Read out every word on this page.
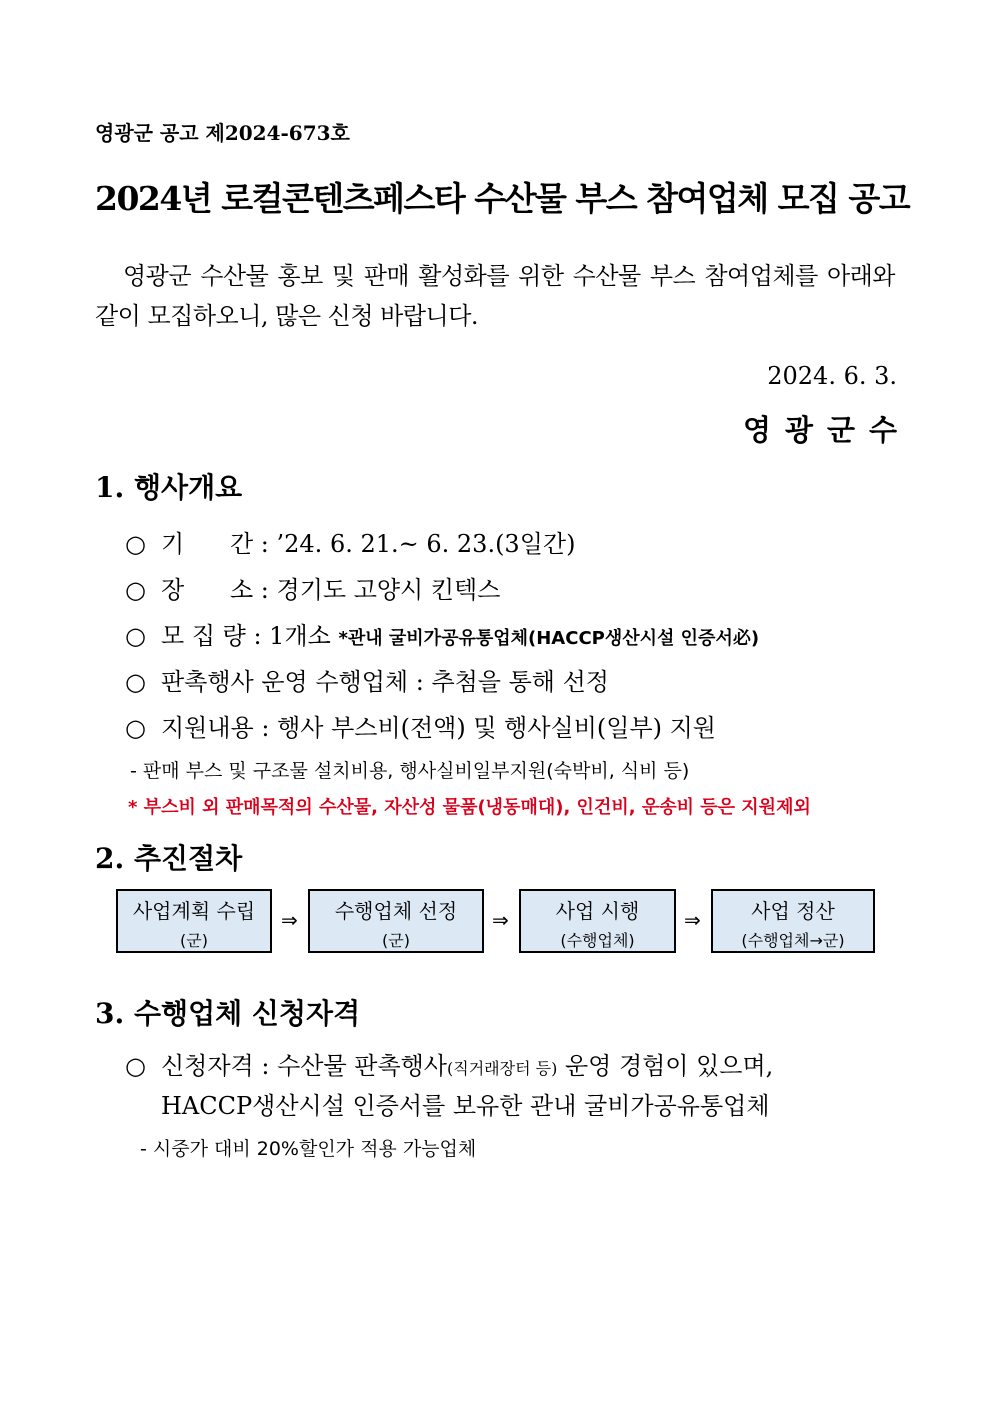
영광군 공고 제2024-673호
2024년 로컬콘텐츠페스타 수산물 부스 참여업체 모집 공고
영광군 수산물 홍보 및 판매 활성화를 위한 수산물 부스 참여업체를 아래와 같이 모집하오니, 많은 신청 바랍니다.
2024. 6. 3.
영광군수
1. 행사개요
○ 기      간 : ’24. 6. 21.~ 6. 23.(3일간)
○ 장      소 : 경기도 고양시 킨텍스
○ 모 집 량 : 1개소 *관내 굴비가공유통업체(HACCP생산시설 인증서必)
○ 판촉행사 운영 수행업체 : 추첨을 통해 선정
○ 지원내용 : 행사 부스비(전액) 및 행사실비(일부) 지원
- 판매 부스 및 구조물 설치비용, 행사실비일부지원(숙박비, 식비 등)
* 부스비 외 판매목적의 수산물, 자산성 물품(냉동매대), 인건비, 운송비 등은 지원제외
2. 추진절차
사업계획 수립
(군)
⇒	수행업체 선정
(군)
⇒	사업 시행
(수행업체)
⇒	사업 정산
(수행업체→군)
3. 수행업체 신청자격
○ 신청자격 : 수산물 판촉행사(직거래장터 등) 운영 경험이 있으며,
HACCP생산시설 인증서를 보유한 관내 굴비가공유통업체
- 시중가 대비 20%할인가 적용 가능업체
